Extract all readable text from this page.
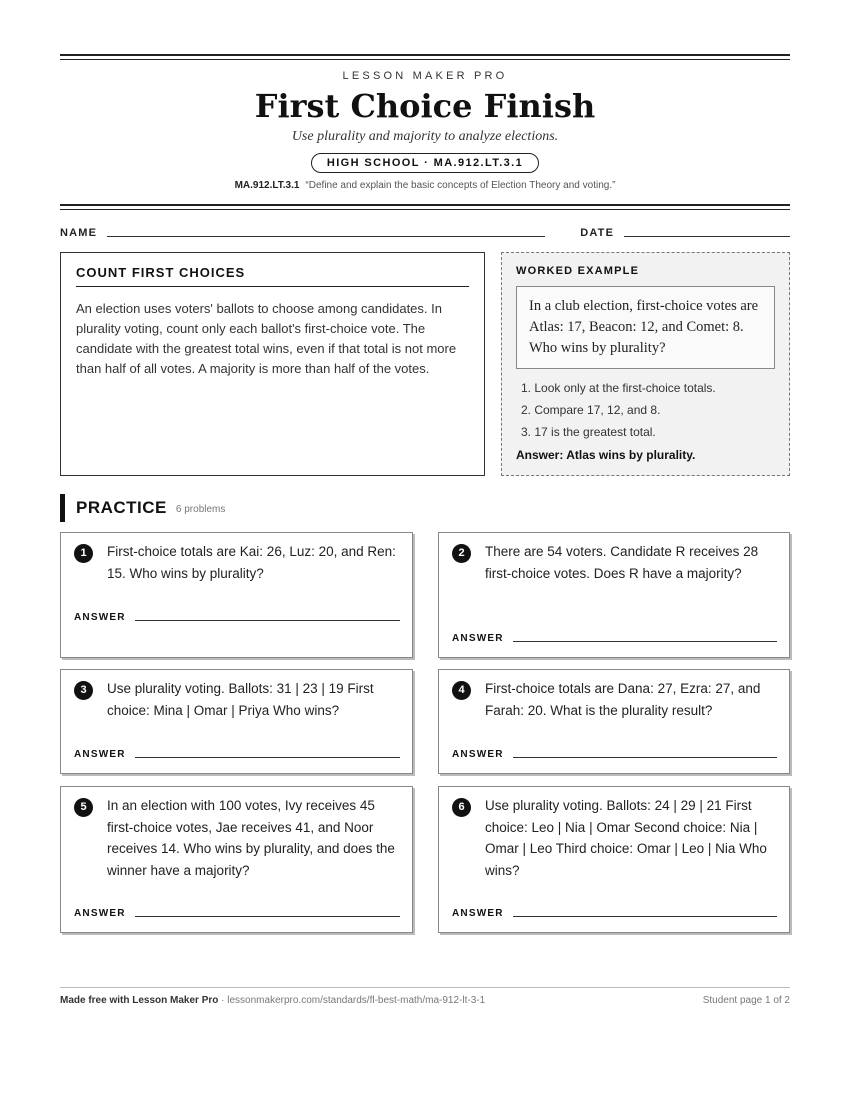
LESSON MAKER PRO
First Choice Finish
Use plurality and majority to analyze elections.
HIGH SCHOOL · MA.912.LT.3.1
MA.912.LT.3.1 “Define and explain the basic concepts of Election Theory and voting.”
NAME	DATE
COUNT FIRST CHOICES

An election uses voters' ballots to choose among candidates. In plurality voting, count only each ballot's first-choice vote. The candidate with the greatest total wins, even if that total is not more than half of all votes. A majority is more than half of the votes.

WORKED EXAMPLE
In a club election, first-choice votes are Atlas: 17, Beacon: 12, and Comet: 8. Who wins by plurality?
1. Look only at the first-choice totals.
2. Compare 17, 12, and 8.
3. 17 is the greatest total.
Answer: Atlas wins by plurality.
PRACTICE 6 problems
1	First-choice totals are Kai: 26, Luz: 20, and Ren: 15. Who wins by plurality?
ANSWER
2	There are 54 voters. Candidate R receives 28 first-choice votes. Does R have a majority?
ANSWER
3	Use plurality voting. Ballots: 31 | 23 | 19 First choice: Mina | Omar | Priya Who wins?
ANSWER
4	First-choice totals are Dana: 27, Ezra: 27, and Farah: 20. What is the plurality result?
ANSWER
5	In an election with 100 votes, Ivy receives 45 first-choice votes, Jae receives 41, and Noor receives 14. Who wins by plurality, and does the winner have a majority?
ANSWER
6	Use plurality voting. Ballots: 24 | 29 | 21 First choice: Leo | Nia | Omar Second choice: Nia | Omar | Leo Third choice: Omar | Leo | Nia Who wins?
ANSWER
Made free with Lesson Maker Pro · lessonmakerpro.com/standards/fl-best-math/ma-912-lt-3-1	Student page 1 of 2
